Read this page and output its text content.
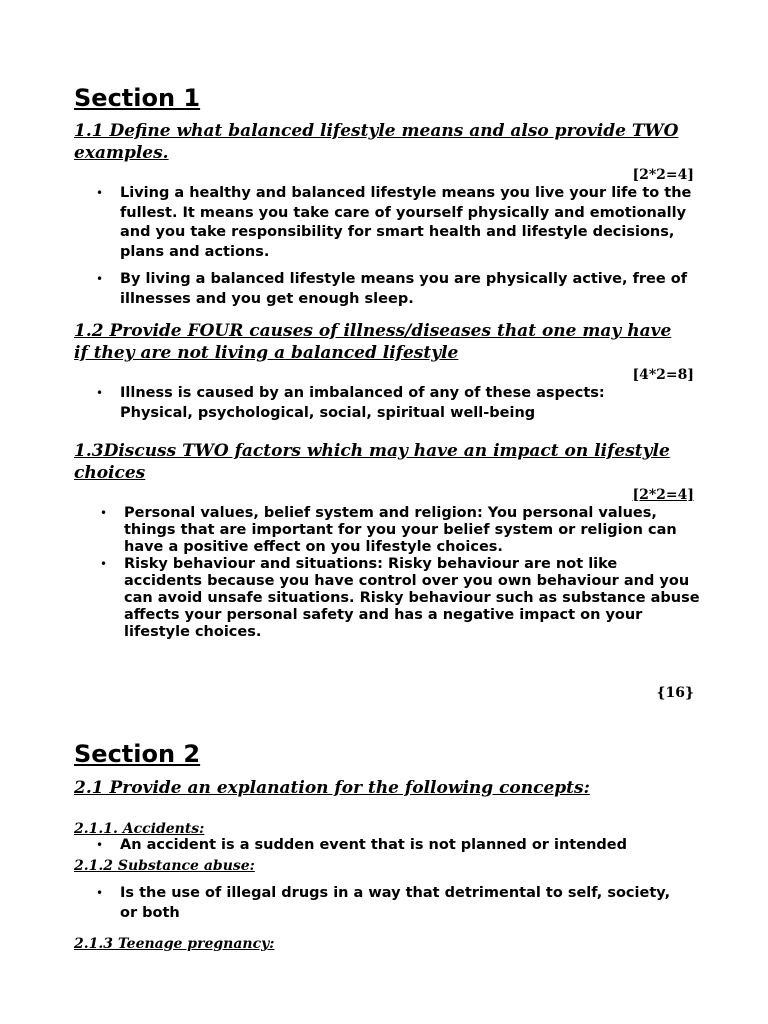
Section 1

1.1 Define what balanced lifestyle means and also provide TWO examples.

[2*2=4]
• Living a healthy and balanced lifestyle means you live your life to the fullest. It means you take care of yourself physically and emotionally and you take responsibility for smart health and lifestyle decisions, plans and actions.
• By living a balanced lifestyle means you are physically active, free of illnesses and you get enough sleep.

1.2 Provide FOUR causes of illness/diseases that one may have if they are not living a balanced lifestyle

[4*2=8]
• Illness is caused by an imbalanced of any of these aspects: Physical, psychological, social, spiritual well-being

1.3Discuss TWO factors which may have an impact on lifestyle choices

[2*2=4]
• Personal values, belief system and religion: You personal values, things that are important for you your belief system or religion can have a positive effect on you lifestyle choices.
• Risky behaviour and situations: Risky behaviour are not like accidents because you have control over you own behaviour and you can avoid unsafe situations. Risky behaviour such as substance abuse affects your personal safety and has a negative impact on your lifestyle choices.
{16}
Section 2

2.1 Provide an explanation for the following concepts:

2.1.1. Accidents:

• An accident is a sudden event that is not planned or intended

2.1.2 Substance abuse:

• Is the use of illegal drugs in a way that detrimental to self, society, or both

2.1.3 Teenage pregnancy:
